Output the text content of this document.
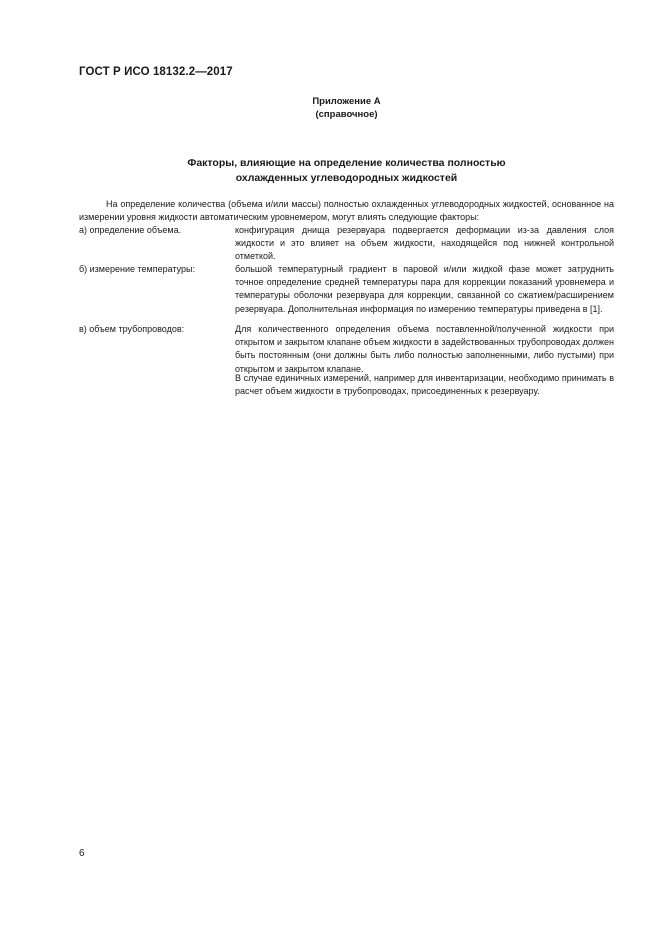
ГОСТ Р ИСО 18132.2—2017
Приложение А
(справочное)
Факторы, влияющие на определение количества полностью
охлажденных углеводородных жидкостей
На определение количества (объема и/или массы) полностью охлажденных углеводородных жидкостей, основанное на измерении уровня жидкости автоматическим уровнемером, могут влиять следующие факторы:
а) определение объема.	конфигурация днища резервуара подвергается деформации из-за давления слоя жидкости и это влияет на объем жидкости, находящейся под нижней контрольной отметкой.
б) измерение температуры:	большой температурный градиент в паровой и/или жидкой фазе может затруднить точное определение средней температуры пара для коррекции показаний уровнемера и температуры оболочки резервуара для коррекции, связанной со сжатием/расширением резервуара. Дополнительная информация по измерению температуры приведена в [1].
в) объем трубопроводов:	Для количественного определения объема поставленной/полученной жидкости при открытом и закрытом клапане объем жидкости в задействованных трубопроводах должен быть постоянным (они должны быть либо полностью заполненными, либо пустыми) при открытом и закрытом клапане.
В случае единичных измерений, например для инвентаризации, необходимо принимать в расчет объем жидкости в трубопроводах, присоединенных к резервуару.
6
